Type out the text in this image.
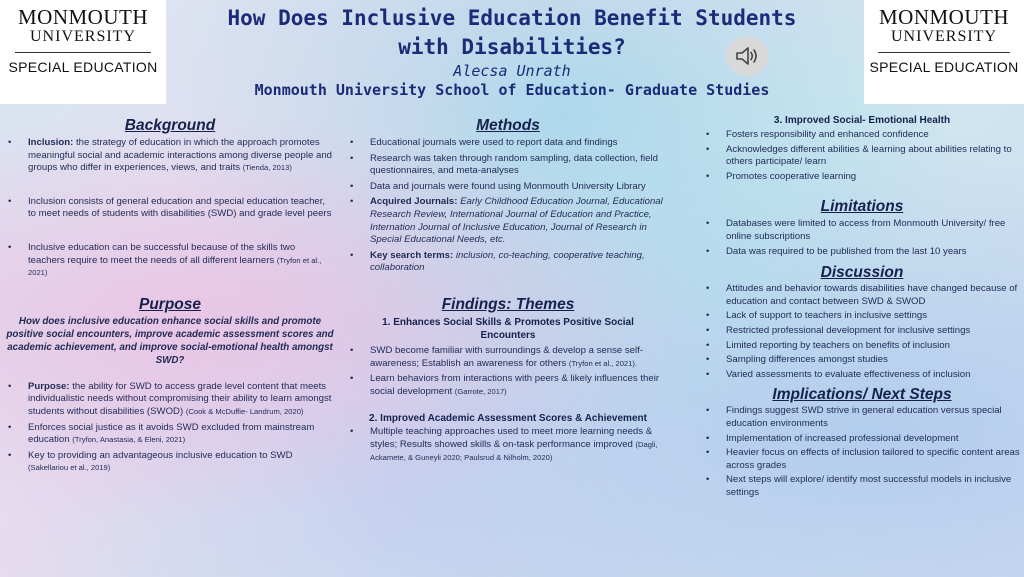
MONMOUTH
UNIVERSITY
SPECIAL EDUCATION
MONMOUTH
UNIVERSITY
SPECIAL EDUCATION
How Does Inclusive Education Benefit Students
with Disabilities?
Alecsa Unrath
Monmouth University School of Education- Graduate Studies
Background
• Inclusion: the strategy of education in which the approach promotes meaningful social and academic interactions among diverse people and groups who differ in experiences, views, and traits (Tienda, 2013)
• Inclusion consists of general education and special education teacher, to meet needs of students with disabilities (SWD) and grade level peers
• Inclusive education can be successful because of the skills two teachers require to meet the needs of all different learners (Tryfon et al., 2021)
Purpose
How does inclusive education enhance social skills and promote positive social encounters, improve academic assessment scores and academic achievement, and improve social-emotional health amongst SWD?
• Purpose: the ability for SWD to access grade level content that meets individualistic needs without compromising their ability to learn amongst students without disabilities (SWOD) (Cook & McDuffie- Landrum, 2020)
• Enforces social justice as it avoids SWD excluded from mainstream education (Tryfon, Anastasia, & Eleni, 2021)
• Key to providing an advantageous inclusive education to SWD (Sakellariou et al., 2019)
Methods
• Educational journals were used to report data and findings
• Research was taken through random sampling, data collection, field questionnaires, and meta-analyses
• Data and journals were found using Monmouth University Library
• Acquired Journals: Early Childhood Education Journal, Educational Research Review, International Journal of Education and Practice, Internation Journal of Inclusive Education, Journal of Research in Special Educational Needs, etc.
• Key search terms: inclusion, co-teaching, cooperative teaching, collaboration
Findings: Themes
1. Enhances Social Skills & Promotes Positive Social Encounters
• SWD become familiar with surroundings & develop a sense self-awareness; Establish an awareness for others (Tryfon et al., 2021).
• Learn behaviors from interactions with peers & likely influences their social development (Garrote, 2017)
2. Improved Academic Assessment Scores & Achievement
• Multiple teaching approaches used to meet more learning needs & styles; Results showed skills & on-task performance improved (Dagli, Ackamete, & Guneyli 2020; Paulsrud & Nilholm, 2020)
3. Improved Social- Emotional Health
• Fosters responsibility and enhanced confidence
• Acknowledges different abilities & learning about abilities relating to others participate/ learn
• Promotes cooperative learning
Limitations
• Databases were limited to access from Monmouth University/ free online subscriptions
• Data was required to be published from the last 10 years
Discussion
• Attitudes and behavior towards disabilities have changed because of education and contact between SWD & SWOD
• Lack of support to teachers in inclusive settings
• Restricted professional development for inclusive settings
• Limited reporting by teachers on benefits of inclusion
• Sampling differences amongst studies
• Varied assessments to evaluate effectiveness of inclusion
Implications/ Next Steps
• Findings suggest SWD strive in general education versus special education environments
• Implementation of increased professional development
• Heavier focus on effects of inclusion tailored to specific content areas across grades
• Next steps will explore/ identify most successful models in inclusive settings
